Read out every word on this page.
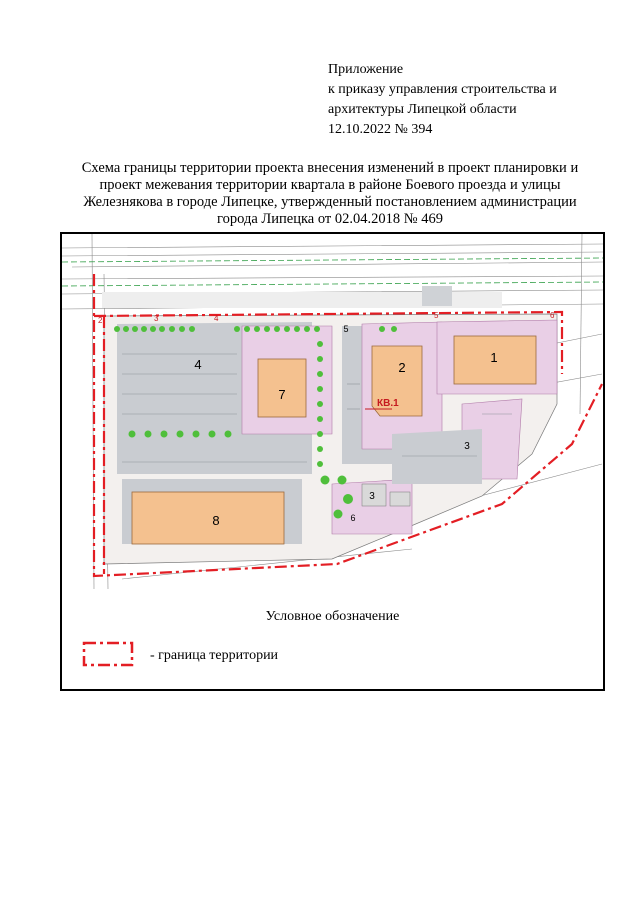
Приложение
к приказу управления строительства и
архитектуры Липецкой области
12.10.2022 № 394
Схема границы территории проекта внесения изменений в проект планировки и
проект межевания территории квартала в районе Боевого проезда и улицы
Железнякова в городе Липецке, утвержденный постановлением администрации
города Липецка от 02.04.2018 № 469
1
2
3
3
4
5
6
7
8
КВ.1
2	3	4	5	6
Условное обозначение
- граница территории
